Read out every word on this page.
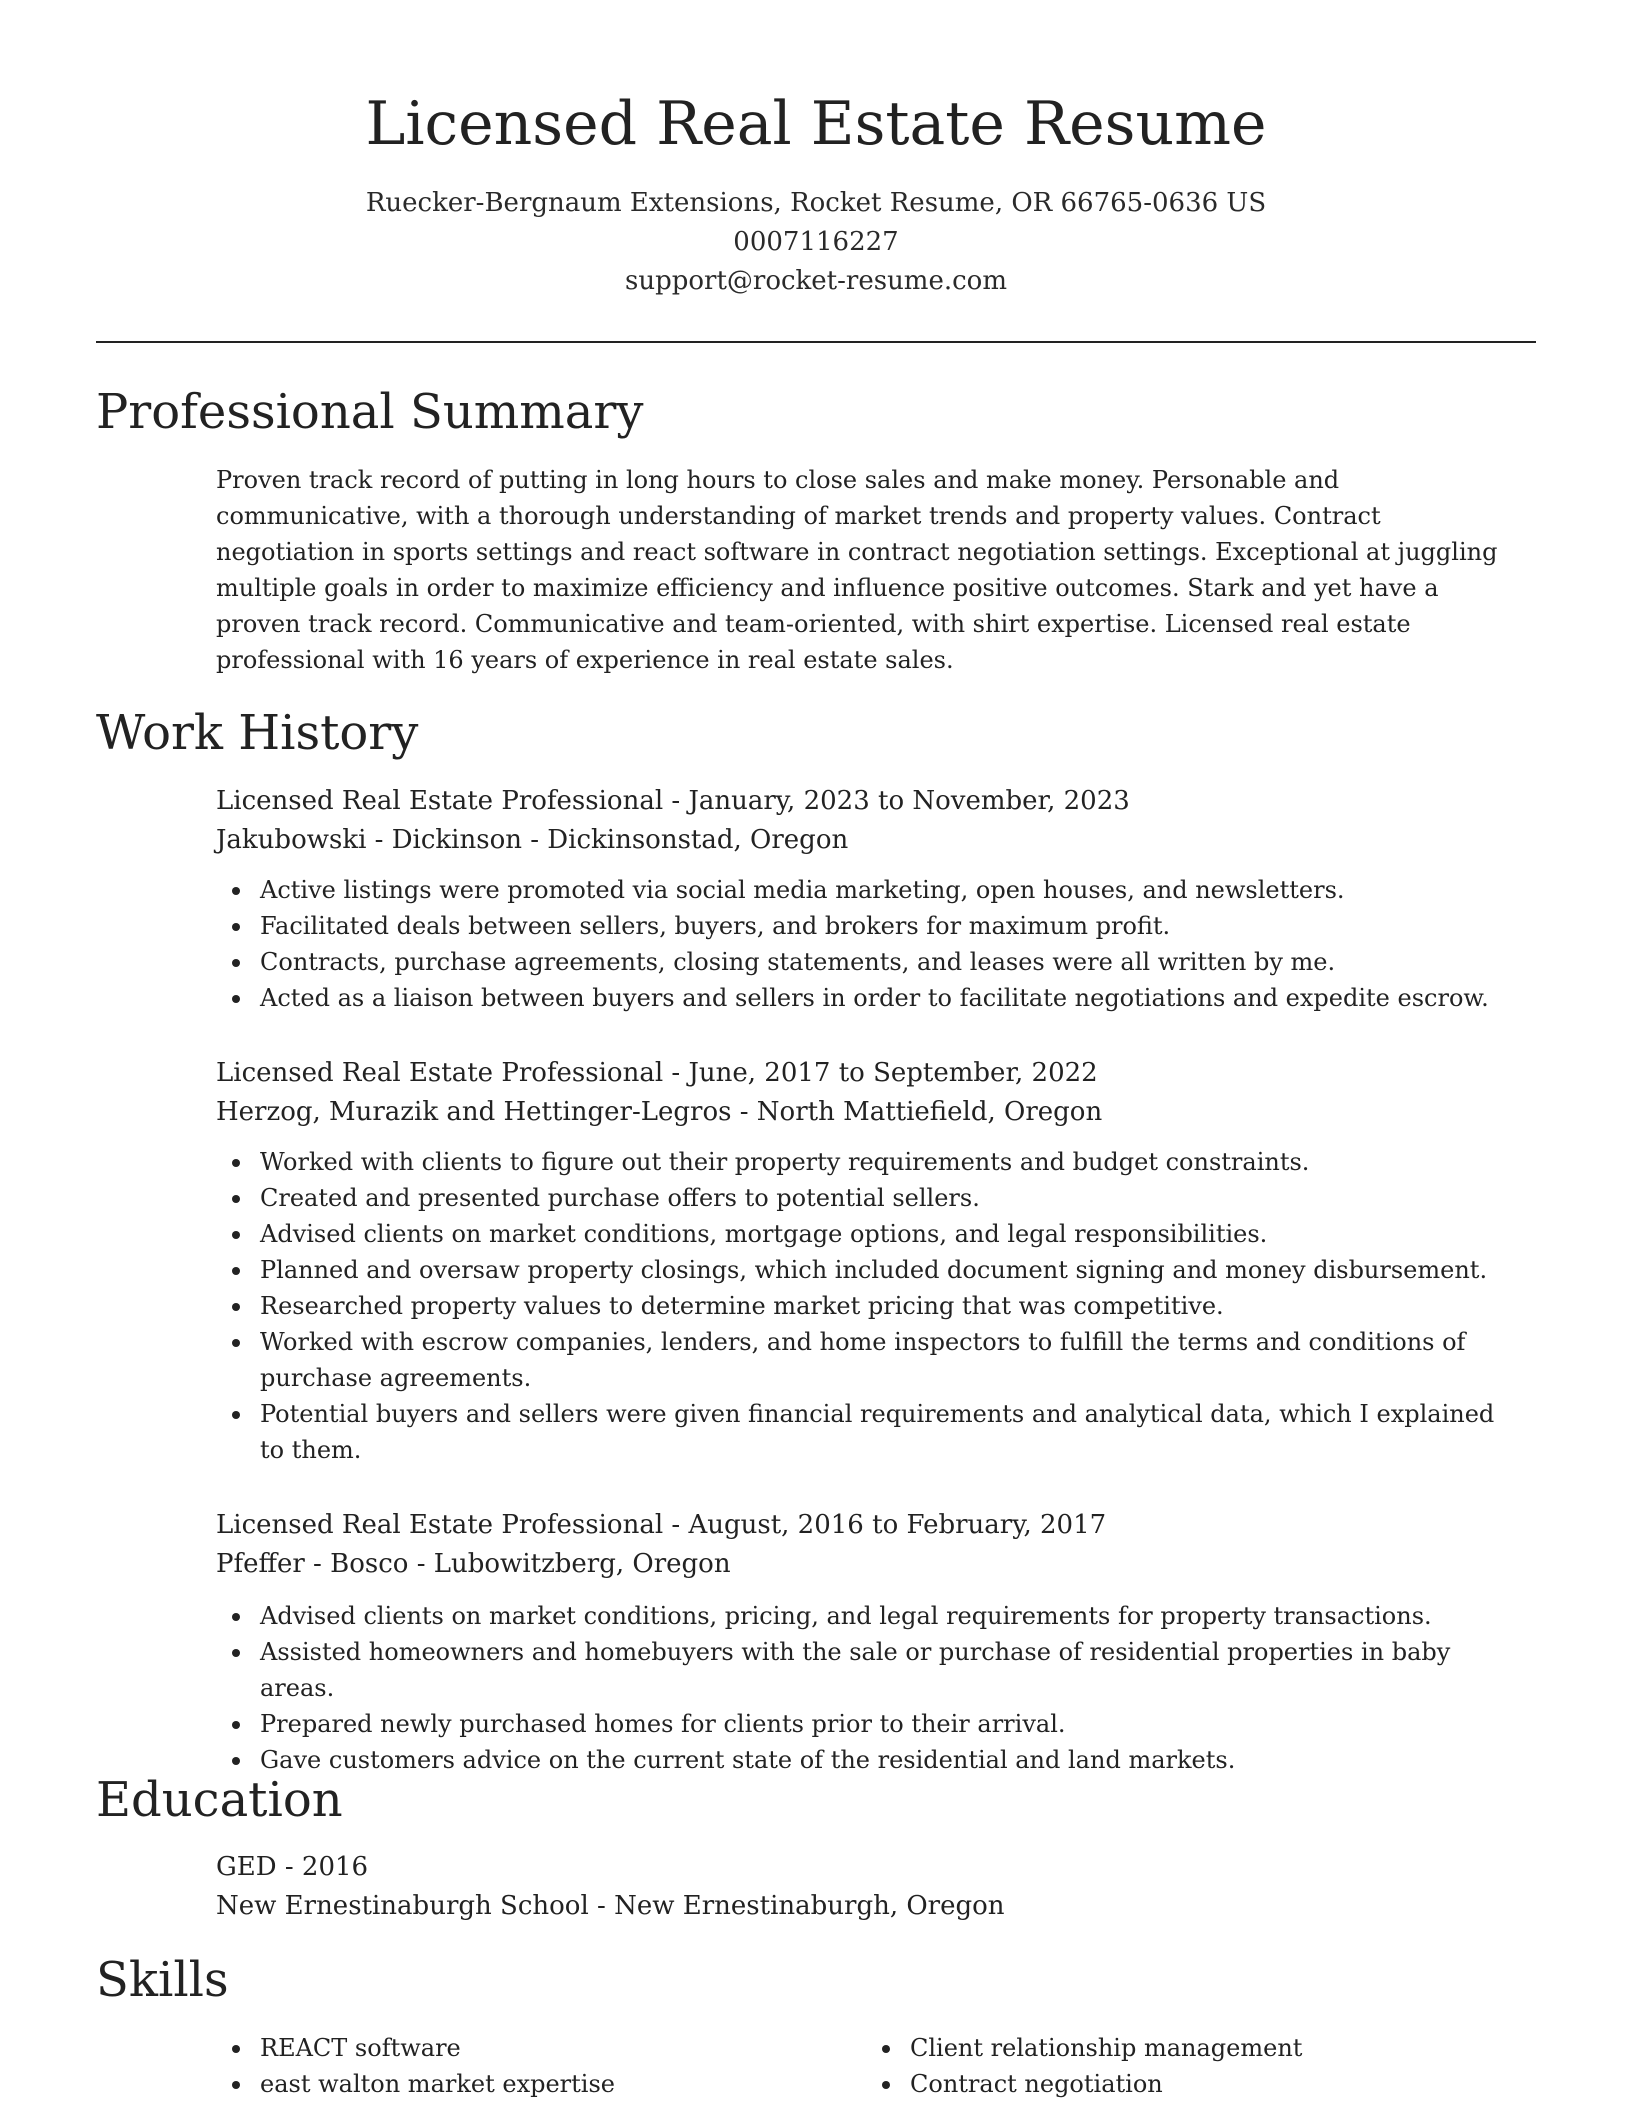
Licensed Real Estate Resume
Ruecker-Bergnaum Extensions, Rocket Resume, OR 66765-0636 US
0007116227
support@rocket-resume.com
Professional Summary
Proven track record of putting in long hours to close sales and make money. Personable and communicative, with a thorough understanding of market trends and property values. Contract negotiation in sports settings and react software in contract negotiation settings. Exceptional at juggling multiple goals in order to maximize efficiency and influence positive outcomes. Stark and yet have a proven track record. Communicative and team-oriented, with shirt expertise. Licensed real estate professional with 16 years of experience in real estate sales.
Work History
Licensed Real Estate Professional - January, 2023 to November, 2023
Jakubowski - Dickinson - Dickinsonstad, Oregon
Active listings were promoted via social media marketing, open houses, and newsletters.
Facilitated deals between sellers, buyers, and brokers for maximum profit.
Contracts, purchase agreements, closing statements, and leases were all written by me.
Acted as a liaison between buyers and sellers in order to facilitate negotiations and expedite escrow.
Licensed Real Estate Professional - June, 2017 to September, 2022
Herzog, Murazik and Hettinger-Legros - North Mattiefield, Oregon
Worked with clients to figure out their property requirements and budget constraints.
Created and presented purchase offers to potential sellers.
Advised clients on market conditions, mortgage options, and legal responsibilities.
Planned and oversaw property closings, which included document signing and money disbursement.
Researched property values to determine market pricing that was competitive.
Worked with escrow companies, lenders, and home inspectors to fulfill the terms and conditions of purchase agreements.
Potential buyers and sellers were given financial requirements and analytical data, which I explained to them.
Licensed Real Estate Professional - August, 2016 to February, 2017
Pfeffer - Bosco - Lubowitzberg, Oregon
Advised clients on market conditions, pricing, and legal requirements for property transactions.
Assisted homeowners and homebuyers with the sale or purchase of residential properties in baby areas.
Prepared newly purchased homes for clients prior to their arrival.
Gave customers advice on the current state of the residential and land markets.
Education
GED - 2016
New Ernestinaburgh School - New Ernestinaburgh, Oregon
Skills
REACT software
east walton market expertise
Client relationship management
Contract negotiation
